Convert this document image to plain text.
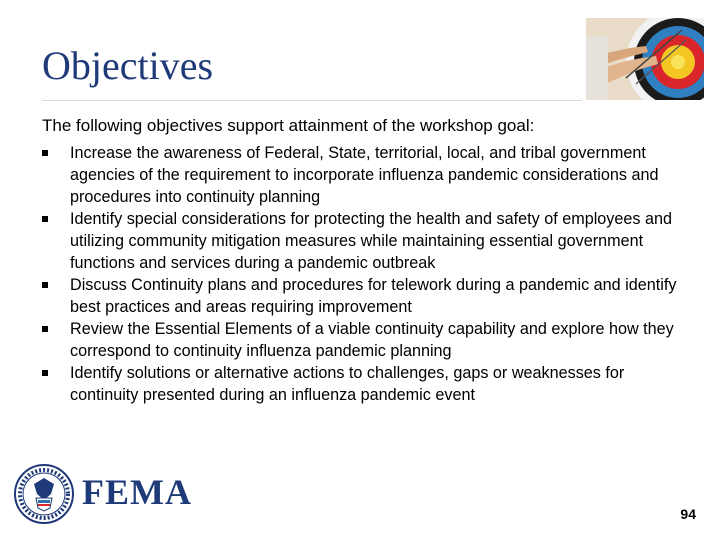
Objectives

The following objectives support attainment of the workshop goal:

Increase the awareness of Federal, State, territorial, local, and tribal government agencies of the requirement to incorporate influenza pandemic considerations and procedures into continuity planning
Identify special considerations for protecting the health and safety of employees and utilizing community mitigation measures while maintaining essential government functions and services during a pandemic outbreak
Discuss Continuity plans and procedures for telework during a pandemic and identify best practices and areas requiring improvement
Review the Essential Elements of a viable continuity capability and explore how they correspond to continuity influenza pandemic planning
Identify solutions or alternative actions to challenges, gaps or weaknesses for continuity presented during an influenza pandemic event
FEMA
94
